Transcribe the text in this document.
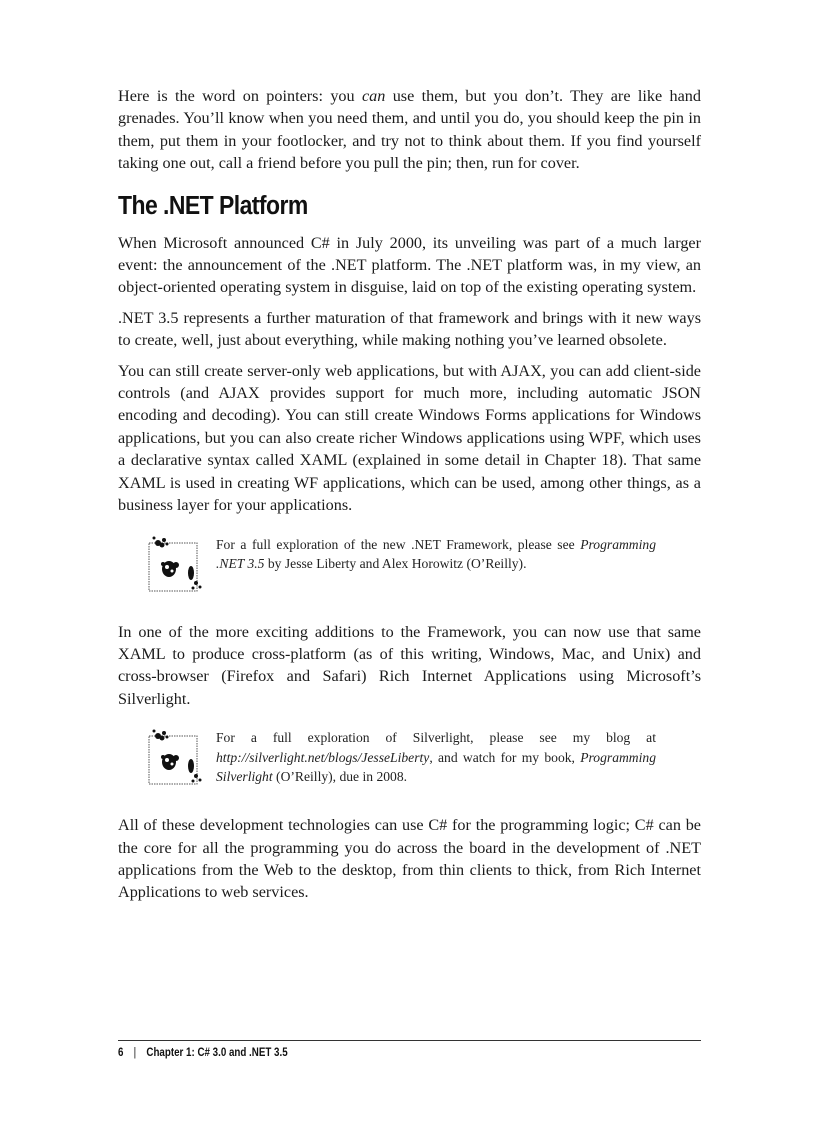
Here is the word on pointers: you can use them, but you don’t. They are like hand grenades. You’ll know when you need them, and until you do, you should keep the pin in them, put them in your footlocker, and try not to think about them. If you find yourself taking one out, call a friend before you pull the pin; then, run for cover.

The .NET Platform

When Microsoft announced C# in July 2000, its unveiling was part of a much larger event: the announcement of the .NET platform. The .NET platform was, in my view, an object-oriented operating system in disguise, laid on top of the existing operating system.

.NET 3.5 represents a further maturation of that framework and brings with it new ways to create, well, just about everything, while making nothing you’ve learned obsolete.

You can still create server-only web applications, but with AJAX, you can add client-side controls (and AJAX provides support for much more, including automatic JSON encoding and decoding). You can still create Windows Forms applications for Windows applications, but you can also create richer Windows applications using WPF, which uses a declarative syntax called XAML (explained in some detail in Chapter 18). That same XAML is used in creating WF applications, which can be used, among other things, as a business layer for your applications.

For a full exploration of the new .NET Framework, please see Programming .NET 3.5 by Jesse Liberty and Alex Horowitz (O’Reilly).

In one of the more exciting additions to the Framework, you can now use that same XAML to produce cross-platform (as of this writing, Windows, Mac, and Unix) and cross-browser (Firefox and Safari) Rich Internet Applications using Microsoft’s Silverlight.

For a full exploration of Silverlight, please see my blog at http://silverlight.net/blogs/JesseLiberty, and watch for my book, Programming Silverlight (O’Reilly), due in 2008.

All of these development technologies can use C# for the programming logic; C# can be the core for all the programming you do across the board in the development of .NET applications from the Web to the desktop, from thin clients to thick, from Rich Internet Applications to web services.

6 | Chapter 1: C# 3.0 and .NET 3.5
